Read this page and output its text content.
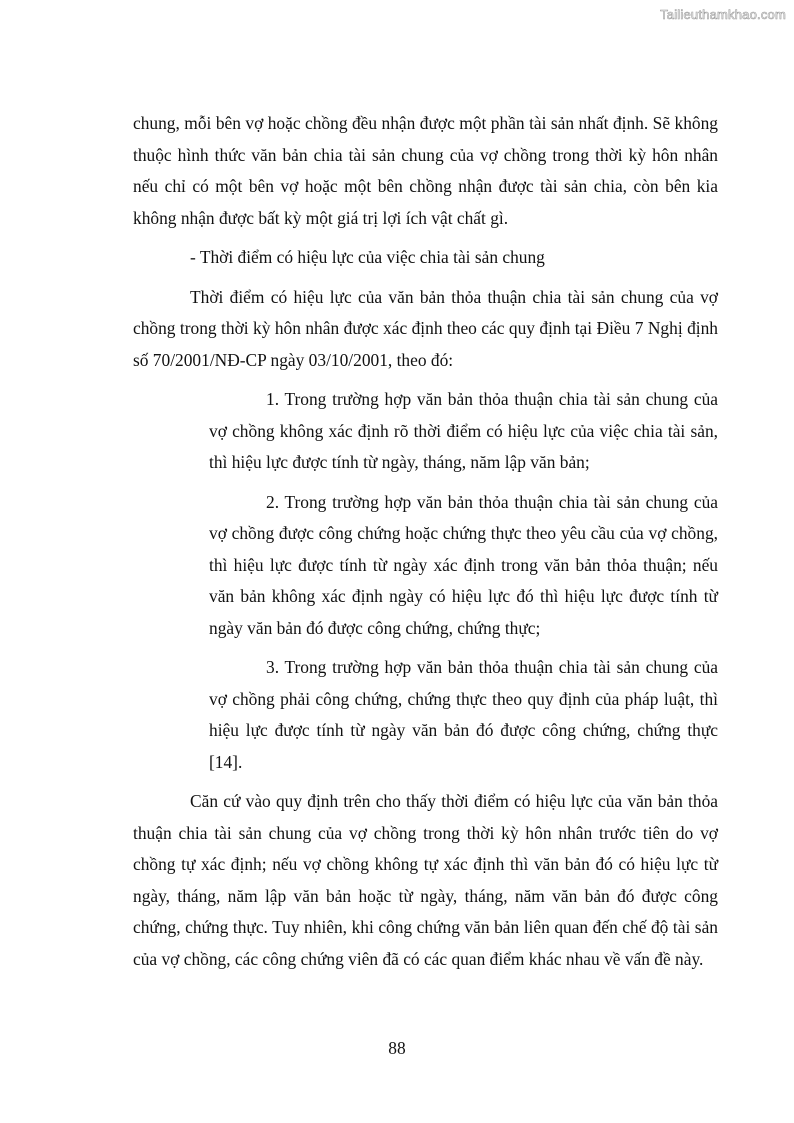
Tailieuthamkhao.com

chung, mỗi bên vợ hoặc chồng đều nhận được một phần tài sản nhất định. Sẽ không thuộc hình thức văn bản chia tài sản chung của vợ chồng trong thời kỳ hôn nhân nếu chỉ có một bên vợ hoặc một bên chồng nhận được tài sản chia, còn bên kia không nhận được bất kỳ một giá trị lợi ích vật chất gì.

- Thời điểm có hiệu lực của việc chia tài sản chung

Thời điểm có hiệu lực của văn bản thỏa thuận chia tài sản chung của vợ chồng trong thời kỳ hôn nhân được xác định theo các quy định tại Điều 7 Nghị định số 70/2001/NĐ-CP ngày 03/10/2001, theo đó:

1. Trong trường hợp văn bản thỏa thuận chia tài sản chung của vợ chồng không xác định rõ thời điểm có hiệu lực của việc chia tài sản, thì hiệu lực được tính từ ngày, tháng, năm lập văn bản;

2. Trong trường hợp văn bản thỏa thuận chia tài sản chung của vợ chồng được công chứng hoặc chứng thực theo yêu cầu của vợ chồng, thì hiệu lực được tính từ ngày xác định trong văn bản thỏa thuận; nếu văn bản không xác định ngày có hiệu lực đó thì hiệu lực được tính từ ngày văn bản đó được công chứng, chứng thực;

3. Trong trường hợp văn bản thỏa thuận chia tài sản chung của vợ chồng phải công chứng, chứng thực theo quy định của pháp luật, thì hiệu lực được tính từ ngày văn bản đó được công chứng, chứng thực [14].

Căn cứ vào quy định trên cho thấy thời điểm có hiệu lực của văn bản thỏa thuận chia tài sản chung của vợ chồng trong thời kỳ hôn nhân trước tiên do vợ chồng tự xác định; nếu vợ chồng không tự xác định thì văn bản đó có hiệu lực từ ngày, tháng, năm lập văn bản hoặc từ ngày, tháng, năm văn bản đó được công chứng, chứng thực. Tuy nhiên, khi công chứng văn bản liên quan đến chế độ tài sản của vợ chồng, các công chứng viên đã có các quan điểm khác nhau về vấn đề này.

88
